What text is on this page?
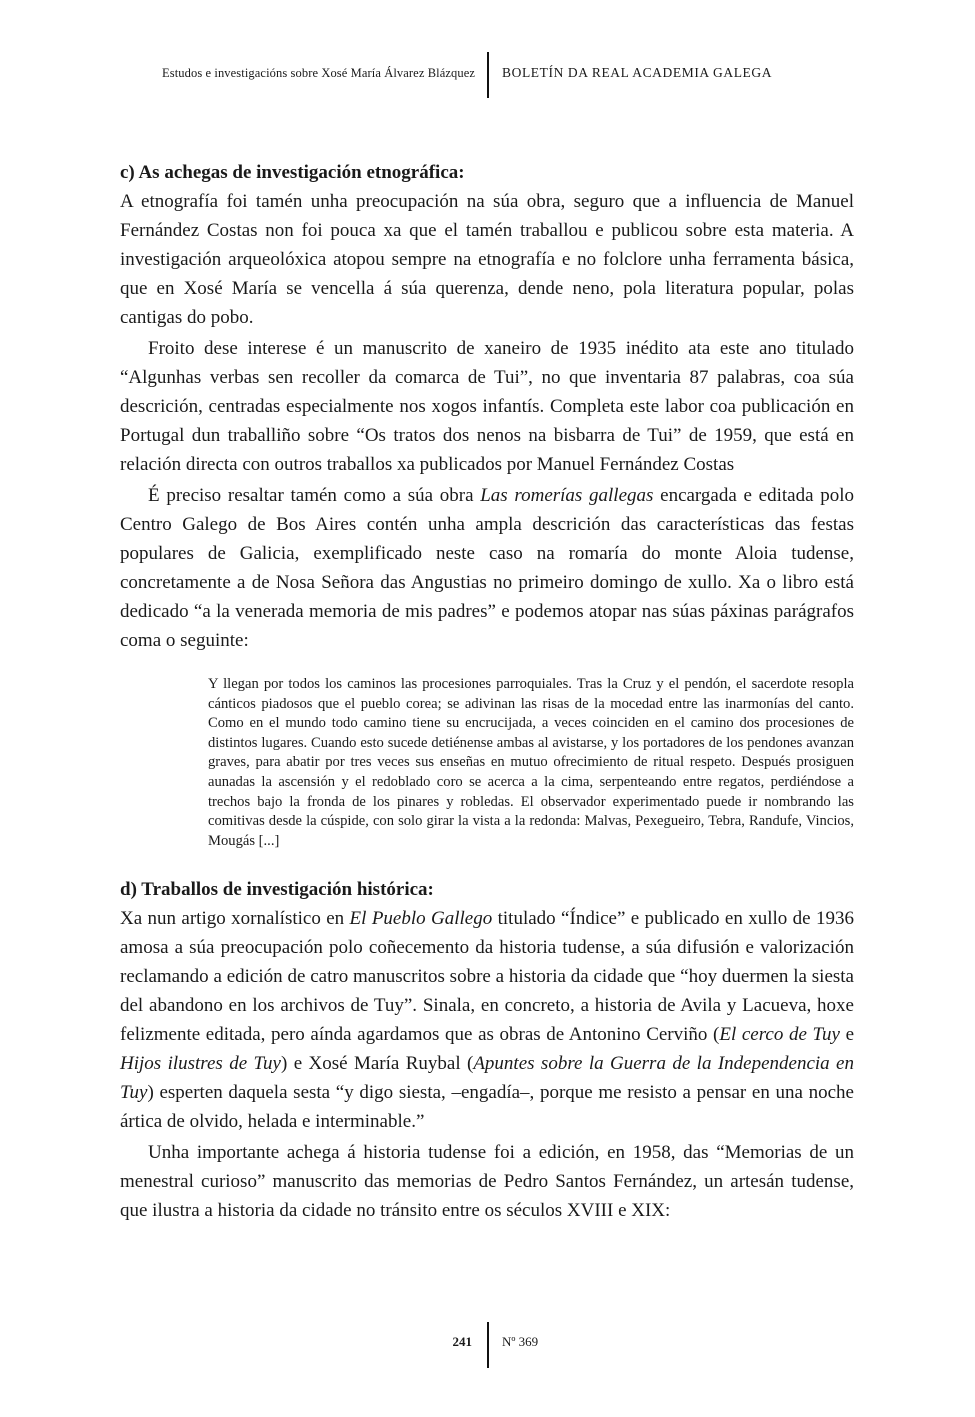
Estudos e investigacións sobre Xosé María Álvarez Blázquez BOLETÍN DA REAL ACADEMIA GALEGA
c) As achegas de investigación etnográfica:

A etnografía foi tamén unha preocupación na súa obra, seguro que a influencia de Manuel Fernández Costas non foi pouca xa que el tamén traballou e publicou sobre esta materia. A investigación arqueolóxica atopou sempre na etnografía e no folclore unha ferramenta básica, que en Xosé María se vencella á súa querenza, dende neno, pola literatura popular, polas cantigas do pobo.

Froito dese interese é un manuscrito de xaneiro de 1935 inédito ata este ano titulado “Algunhas verbas sen recoller da comarca de Tui”, no que inventaria 87 palabras, coa súa descrición, centradas especialmente nos xogos infantís. Completa este labor coa publicación en Portugal dun traballiño sobre “Os tratos dos nenos na bisbarra de Tui” de 1959, que está en relación directa con outros traballos xa publicados por Manuel Fernández Costas

É preciso resaltar tamén como a súa obra Las romerías gallegas encargada e editada polo Centro Galego de Bos Aires contén unha ampla descrición das características das festas populares de Galicia, exemplificado neste caso na romaría do monte Aloia tudense, concretamente a de Nosa Señora das Angustias no primeiro domingo de xullo. Xa o libro está dedicado “a la venerada memoria de mis padres” e podemos atopar nas súas páxinas parágrafos coma o seguinte:

Y llegan por todos los caminos las procesiones parroquiales. Tras la Cruz y el pendón, el sacerdote resopla cánticos piadosos que el pueblo corea; se adivinan las risas de la mocedad entre las inarmonías del canto. Como en el mundo todo camino tiene su encrucijada, a veces coinciden en el camino dos procesiones de distintos lugares. Cuando esto sucede detiénense ambas al avistarse, y los portadores de los pendones avanzan graves, para abatir por tres veces sus enseñas en mutuo ofrecimiento de ritual respeto. Después prosiguen aunadas la ascensión y el redoblado coro se acerca a la cima, serpenteando entre regatos, perdiéndose a trechos bajo la fronda de los pinares y robledas. El observador experimentado puede ir nombrando las comitivas desde la cúspide, con solo girar la vista a la redonda: Malvas, Pexegueiro, Tebra, Randufe, Vincios, Mougás [...]
d) Traballos de investigación histórica:

Xa nun artigo xornalístico en El Pueblo Gallego titulado “Índice” e publicado en xullo de 1936 amosa a súa preocupación polo coñecemento da historia tudense, a súa difusión e valorización reclamando a edición de catro manuscritos sobre a historia da cidade que “hoy duermen la siesta del abandono en los archivos de Tuy”. Sinala, en concreto, a historia de Avila y Lacueva, hoxe felizmente editada, pero aínda agardamos que as obras de Antonino Cerviño (El cerco de Tuy e Hijos ilustres de Tuy) e Xosé María Ruybal (Apuntes sobre la Guerra de la Independencia en Tuy) esperten daquela sesta “y digo siesta, –engadía–, porque me resisto a pensar en una noche ártica de olvido, helada e interminable.”

Unha importante achega á historia tudense foi a edición, en 1958, das “Memorias de un menestral curioso” manuscrito das memorias de Pedro Santos Fernández, un artesán tudense, que ilustra a historia da cidade no tránsito entre os séculos XVIII e XIX:

241 Nº 369
